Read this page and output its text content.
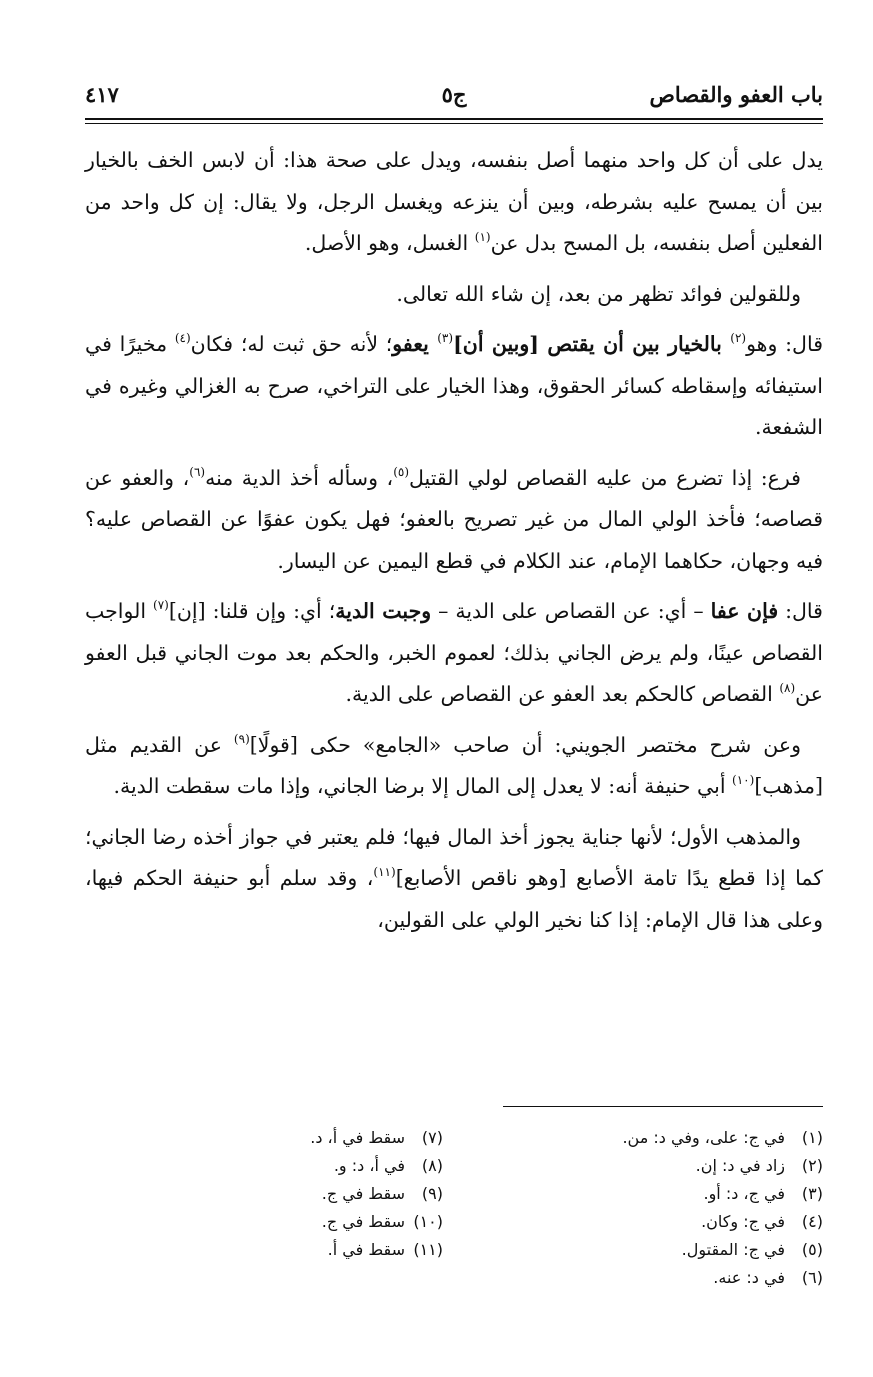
باب العفو والقصاص
ج٥
٤١٧

يدل على أن كل واحد منهما أصل بنفسه، ويدل على صحة هذا: أن لابس الخف بالخيار بين أن يمسح عليه بشرطه، وبين أن ينزعه ويغسل الرجل، ولا يقال: إن كل واحد من الفعلين أصل بنفسه، بل المسح بدل عن$^{(١)}$ الغسل، وهو الأصل.

وللقولين فوائد تظهر من بعد، إن شاء الله تعالى.

قال: وهو$^{(٢)}$ بالخيار بين أن يقتص [وبين أن]$^{(٣)}$ يعفو؛ لأنه حق ثبت له؛ فكان$^{(٤)}$ مخيرًا في استيفائه وإسقاطه كسائر الحقوق، وهذا الخيار على التراخي، صرح به الغزالي وغيره في الشفعة.

فرع: إذا تضرع من عليه القصاص لولي القتيل$^{(٥)}$، وسأله أخذ الدية منه$^{(٦)}$، والعفو عن قصاصه؛ فأخذ الولي المال من غير تصريح بالعفو؛ فهل يكون عفوًا عن القصاص عليه؟ فيه وجهان، حكاهما الإمام، عند الكلام في قطع اليمين عن اليسار.

قال: فإن عفا – أي: عن القصاص على الدية – وجبت الدية؛ أي: وإن قلنا: [إن]$^{(٧)}$ الواجب القصاص عينًا، ولم يرض الجاني بذلك؛ لعموم الخبر، والحكم بعد موت الجاني قبل العفو عن$^{(٨)}$ القصاص كالحكم بعد العفو عن القصاص على الدية.

وعن شرح مختصر الجويني: أن صاحب «الجامع» حكى [قولًا]$^{(٩)}$ عن القديم مثل [مذهب]$^{(١٠)}$ أبي حنيفة أنه: لا يعدل إلى المال إلا برضا الجاني، وإذا مات سقطت الدية.

والمذهب الأول؛ لأنها جناية يجوز أخذ المال فيها؛ فلم يعتبر في جواز أخذه رضا الجاني؛ كما إذا قطع يدًا تامة الأصابع [وهو ناقص الأصابع]$^{(١١)}$، وقد سلم أبو حنيفة الحكم فيها، وعلى هذا قال الإمام: إذا كنا نخير الولي على القولين،

(١)في ج: على، وفي د: من.
(٢)زاد في د: إن.
(٣)في ج، د: أو.
(٤)في ج: وكان.
(٥)في ج: المقتول.
(٦)في د: عنه.
(٧)سقط في أ، د.
(٨)في أ، د: و.
(٩)سقط في ج.
(١٠)سقط في ج.
(١١)سقط في أ.
